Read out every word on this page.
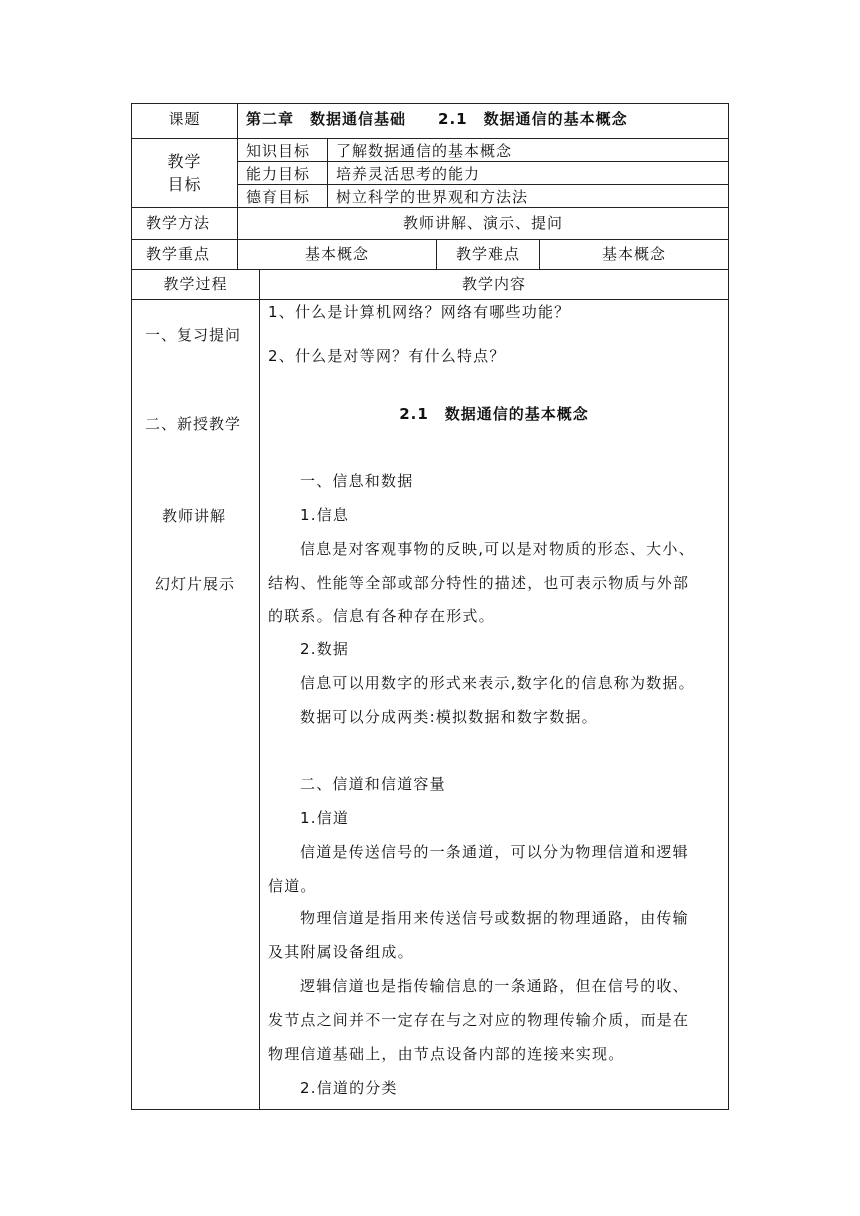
课题	第二章　数据通信基础　　2.1　数据通信的基本概念
教学
目标
知识目标 了解数据通信的基本概念
能力目标 培养灵活思考的能力
德育目标 树立科学的世界观和方法法
教学方法	教师讲解、演示、提问
教学重点	基本概念	教学难点	基本概念
教学过程	教学内容
一、复习提问
二、新授教学
教师讲解
幻灯片展示
1、什么是计算机网络？网络有哪些功能？
2、什么是对等网？有什么特点？
2.1　数据通信的基本概念
一、信息和数据
1.信息
信息是对客观事物的反映,可以是对物质的形态、大小、
结构、性能等全部或部分特性的描述，也可表示物质与外部
的联系。信息有各种存在形式。
2.数据
信息可以用数字的形式来表示,数字化的信息称为数据。
数据可以分成两类:模拟数据和数字数据。
二、信道和信道容量
1.信道
信道是传送信号的一条通道，可以分为物理信道和逻辑
信道。
物理信道是指用来传送信号或数据的物理通路，由传输
及其附属设备组成。
逻辑信道也是指传输信息的一条通路，但在信号的收、
发节点之间并不一定存在与之对应的物理传输介质，而是在
物理信道基础上，由节点设备内部的连接来实现。
2.信道的分类
